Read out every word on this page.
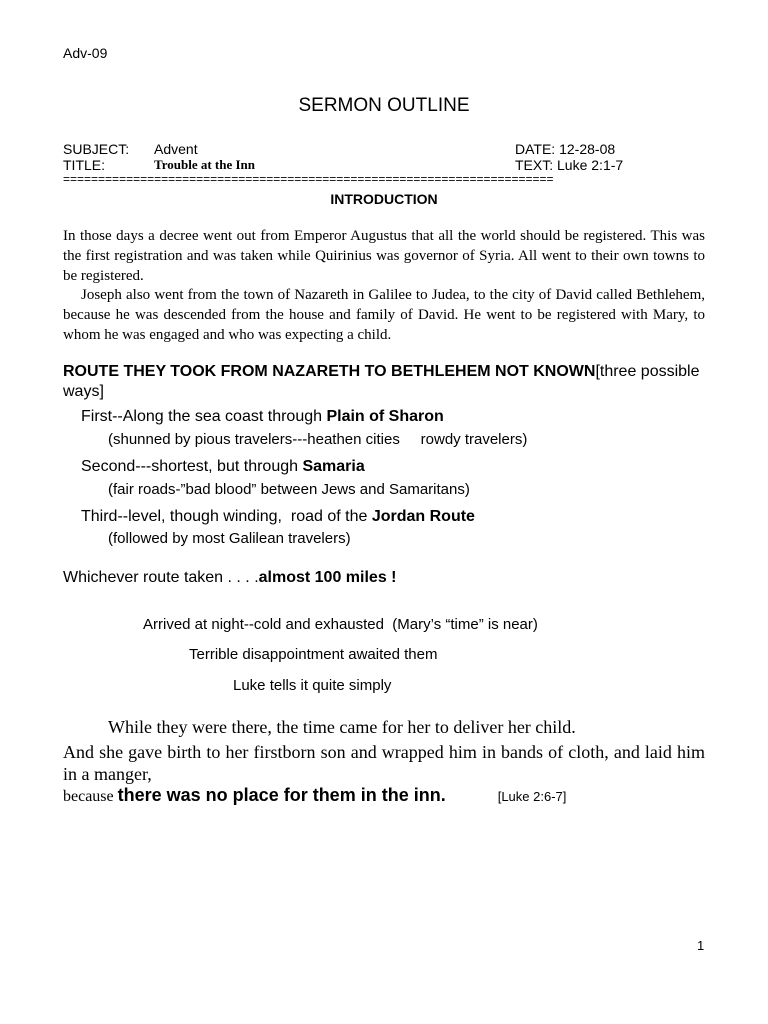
Adv-09
SERMON OUTLINE
SUBJECT: Advent
TITLE:	Trouble at the Inn
DATE: 12-28-08
TEXT: Luke 2:1-7
======================================================================
INTRODUCTION
In those days a decree went out from Emperor Augustus that all the world should be registered. This was the first registration and was taken while Quirinius was governor of Syria. All went to their own towns to be registered.
Joseph also went from the town of Nazareth in Galilee to Judea, to the city of David called Bethlehem, because he was descended from the house and family of David. He went to be registered with Mary, to whom he was engaged and who was expecting a child.
ROUTE THEY TOOK FROM NAZARETH TO BETHLEHEM NOT KNOWN[three possible ways]
First--Along the sea coast through Plain of Sharon
(shunned by pious travelers---heathen cities     rowdy travelers)
Second---shortest, but through Samaria
(fair roads-”bad blood” between Jews and Samaritans)
Third--level, though winding,  road of the Jordan Route
(followed by most Galilean travelers)
Whichever route taken . . . .almost 100 miles !
Arrived at night--cold and exhausted  (Mary’s “time” is near)
Terrible disappointment awaited them
Luke tells it quite simply
While they were there, the time came for her to deliver her child.
And she gave birth to her firstborn son and wrapped him in bands of cloth, and laid him in a manger,
because there was no place for them in the inn.	[Luke 2:6-7]
1
